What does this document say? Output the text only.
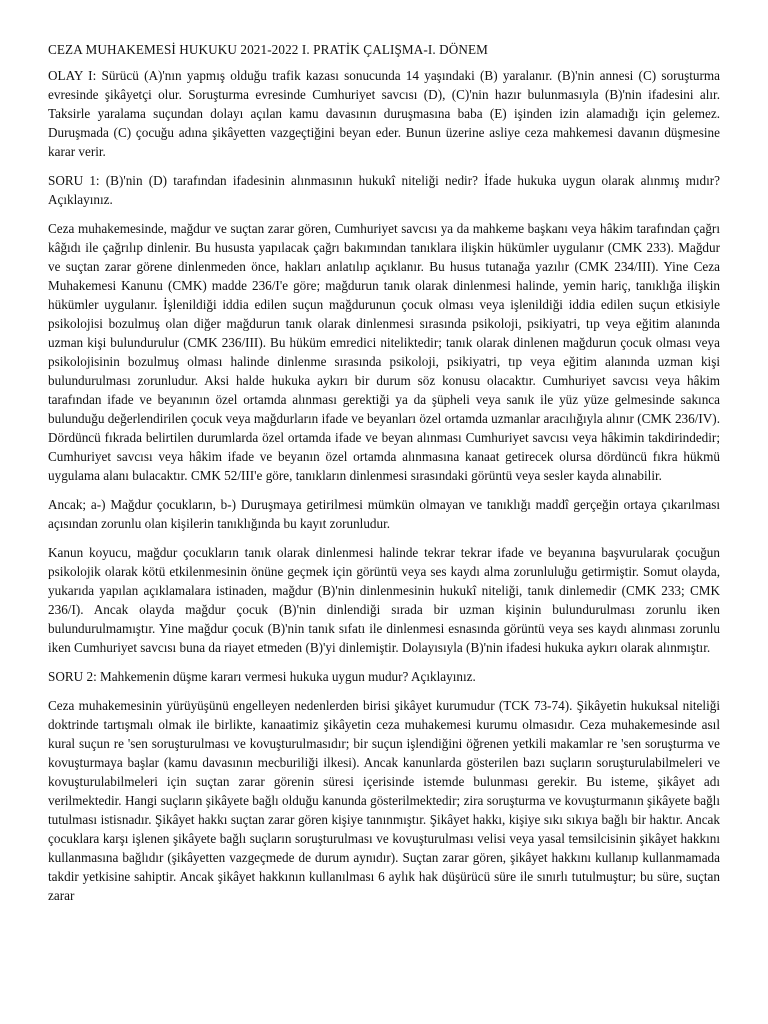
CEZA MUHAKEMESİ HUKUKU 2021-2022 I. PRATİK ÇALIŞMA-I. DÖNEM

OLAY I: Sürücü (A)'nın yapmış olduğu trafik kazası sonucunda 14 yaşındaki (B) yaralanır. (B)'nin annesi (C) soruşturma evresinde şikâyetçi olur. Soruşturma evresinde Cumhuriyet savcısı (D), (C)'nin hazır bulunmasıyla (B)'nin ifadesini alır. Taksirle yaralama suçundan dolayı açılan kamu davasının duruşmasına baba (E) işinden izin alamadığı için gelemez. Duruşmada (C) çocuğu adına şikâyetten vazgeçtiğini beyan eder. Bunun üzerine asliye ceza mahkemesi davanın düşmesine karar verir.

SORU 1: (B)'nin (D) tarafından ifadesinin alınmasının hukukî niteliği nedir? İfade hukuka uygun olarak alınmış mıdır? Açıklayınız.

Ceza muhakemesinde, mağdur ve suçtan zarar gören, Cumhuriyet savcısı ya da mahkeme başkanı veya hâkim tarafından çağrı kâğıdı ile çağrılıp dinlenir. Bu hususta yapılacak çağrı bakımından tanıklara ilişkin hükümler uygulanır (CMK 233). Mağdur ve suçtan zarar görene dinlenmeden önce, hakları anlatılıp açıklanır. Bu husus tutanağa yazılır (CMK 234/III). Yine Ceza Muhakemesi Kanunu (CMK) madde 236/I'e göre; mağdurun tanık olarak dinlenmesi halinde, yemin hariç, tanıklığa ilişkin hükümler uygulanır. İşlenildiği iddia edilen suçun mağdurunun çocuk olması veya işlenildiği iddia edilen suçun etkisiyle psikolojisi bozulmuş olan diğer mağdurun tanık olarak dinlenmesi sırasında psikoloji, psikiyatri, tıp veya eğitim alanında uzman kişi bulundurulur (CMK 236/III). Bu hüküm emredici niteliktedir; tanık olarak dinlenen mağdurun çocuk olması veya psikolojisinin bozulmuş olması halinde dinlenme sırasında psikoloji, psikiyatri, tıp veya eğitim alanında uzman kişi bulundurulması zorunludur. Aksi halde hukuka aykırı bir durum söz konusu olacaktır. Cumhuriyet savcısı veya hâkim tarafından ifade ve beyanının özel ortamda alınması gerektiği ya da şüpheli veya sanık ile yüz yüze gelmesinde sakınca bulunduğu değerlendirilen çocuk veya mağdurların ifade ve beyanları özel ortamda uzmanlar aracılığıyla alınır (CMK 236/IV). Dördüncü fıkrada belirtilen durumlarda özel ortamda ifade ve beyan alınması Cumhuriyet savcısı veya hâkimin takdirindedir; Cumhuriyet savcısı veya hâkim ifade ve beyanın özel ortamda alınmasına kanaat getirecek olursa dördüncü fıkra hükmü uygulama alanı bulacaktır. CMK 52/III'e göre, tanıkların dinlenmesi sırasındaki görüntü veya sesler kayda alınabilir.

Ancak; a-) Mağdur çocukların, b-) Duruşmaya getirilmesi mümkün olmayan ve tanıklığı maddî gerçeğin ortaya çıkarılması açısından zorunlu olan kişilerin tanıklığında bu kayıt zorunludur.

Kanun koyucu, mağdur çocukların tanık olarak dinlenmesi halinde tekrar tekrar ifade ve beyanına başvurularak çocuğun psikolojik olarak kötü etkilenmesinin önüne geçmek için görüntü veya ses kaydı alma zorunluluğu getirmiştir. Somut olayda, yukarıda yapılan açıklamalara istinaden, mağdur (B)'nin dinlenmesinin hukukî niteliği, tanık dinlemedir (CMK 233; CMK 236/I). Ancak olayda mağdur çocuk (B)'nin dinlendiği sırada bir uzman kişinin bulundurulması zorunlu iken bulundurulmamıştır. Yine mağdur çocuk (B)'nin tanık sıfatı ile dinlenmesi esnasında görüntü veya ses kaydı alınması zorunlu iken Cumhuriyet savcısı buna da riayet etmeden (B)'yi dinlemiştir. Dolayısıyla (B)'nin ifadesi hukuka aykırı olarak alınmıştır.

SORU 2: Mahkemenin düşme kararı vermesi hukuka uygun mudur? Açıklayınız.

Ceza muhakemesinin yürüyüşünü engelleyen nedenlerden birisi şikâyet kurumudur (TCK 73-74). Şikâyetin hukuksal niteliği doktrinde tartışmalı olmak ile birlikte, kanaatimiz şikâyetin ceza muhakemesi kurumu olmasıdır. Ceza muhakemesinde asıl kural suçun re 'sen soruşturulması ve kovuşturulmasıdır; bir suçun işlendiğini öğrenen yetkili makamlar re 'sen soruşturma ve kovuşturmaya başlar (kamu davasının mecburiliği ilkesi). Ancak kanunlarda gösterilen bazı suçların soruşturulabilmeleri ve kovuşturulabilmeleri için suçtan zarar görenin süresi içerisinde istemde bulunması gerekir. Bu isteme, şikâyet adı verilmektedir. Hangi suçların şikâyete bağlı olduğu kanunda gösterilmektedir; zira soruşturma ve kovuşturmanın şikâyete bağlı tutulması istisnadır. Şikâyet hakkı suçtan zarar gören kişiye tanınmıştır. Şikâyet hakkı, kişiye sıkı sıkıya bağlı bir haktır. Ancak çocuklara karşı işlenen şikâyete bağlı suçların soruşturulması ve kovuşturulması velisi veya yasal temsilcisinin şikâyet hakkını kullanmasına bağlıdır (şikâyetten vazgeçmede de durum aynıdır). Suçtan zarar gören, şikâyet hakkını kullanıp kullanmamada takdir yetkisine sahiptir. Ancak şikâyet hakkının kullanılması 6 aylık hak düşürücü süre ile sınırlı tutulmuştur; bu süre, suçtan zarar
